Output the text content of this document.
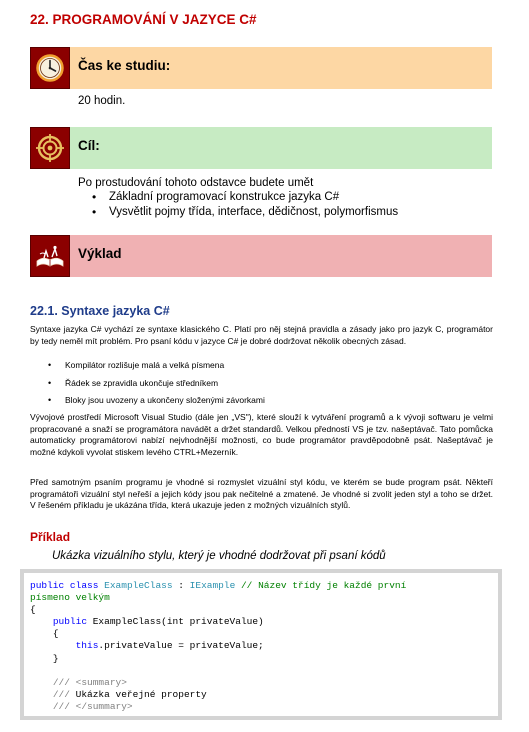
22. PROGRAMOVÁNÍ V JAZYCE C#
Čas ke studiu:
20 hodin.
Cíl:
Po prostudování tohoto odstavce budete umět
• Základní programovací konstrukce jazyka C#
• Vysvětlit pojmy třída, interface, dědičnost, polymorfismus
Výklad
22.1. Syntaxe jazyka C#

Syntaxe jazyka C# vychází ze syntaxe klasického C. Platí pro něj stejná pravidla a zásady jako pro jazyk C, programátor by tedy neměl mít problém. Pro psaní kódu v jazyce C# je dobré dodržovat několik obecných zásad.

• Kompilátor rozlišuje malá a velká písmena
• Řádek se zpravidla ukončuje středníkem
• Bloky jsou uvozeny a ukončeny složenými závorkami

Vývojové prostředí Microsoft Visual Studio (dále jen „VS"), které slouží k vytváření programů a k vývoji softwaru je velmi propracované a snaží se programátora navádět a držet standardů. Velkou předností VS je tzv. našeptávač. Tato pomůcka automaticky programátorovi nabízí nejvhodnější možnosti, co bude programátor pravděpodobně psát. Našeptávač je možné kdykoli vyvolat stiskem levého CTRL+Mezerník.

Před samotným psaním programu je vhodné si rozmyslet vizuální styl kódu, ve kterém se bude program psát. Někteří programátoři vizuální styl neřeší a jejich kódy jsou pak nečitelné a zmatené. Je vhodné si zvolit jeden styl a toho se držet. V řešeném příkladu je ukázána třída, která ukazuje jeden z možných vizuálních stylů.

Příklad
Ukázka vizuálního stylu, který je vhodné dodržovat při psaní kódů
public class ExampleClass : IExample // Název třídy je každé první
písmeno velkým
{
public ExampleClass(int privateValue)
{
this.privateValue = privateValue;
}

/// <summary>
/// Ukázka veřejné property
/// </summary>
